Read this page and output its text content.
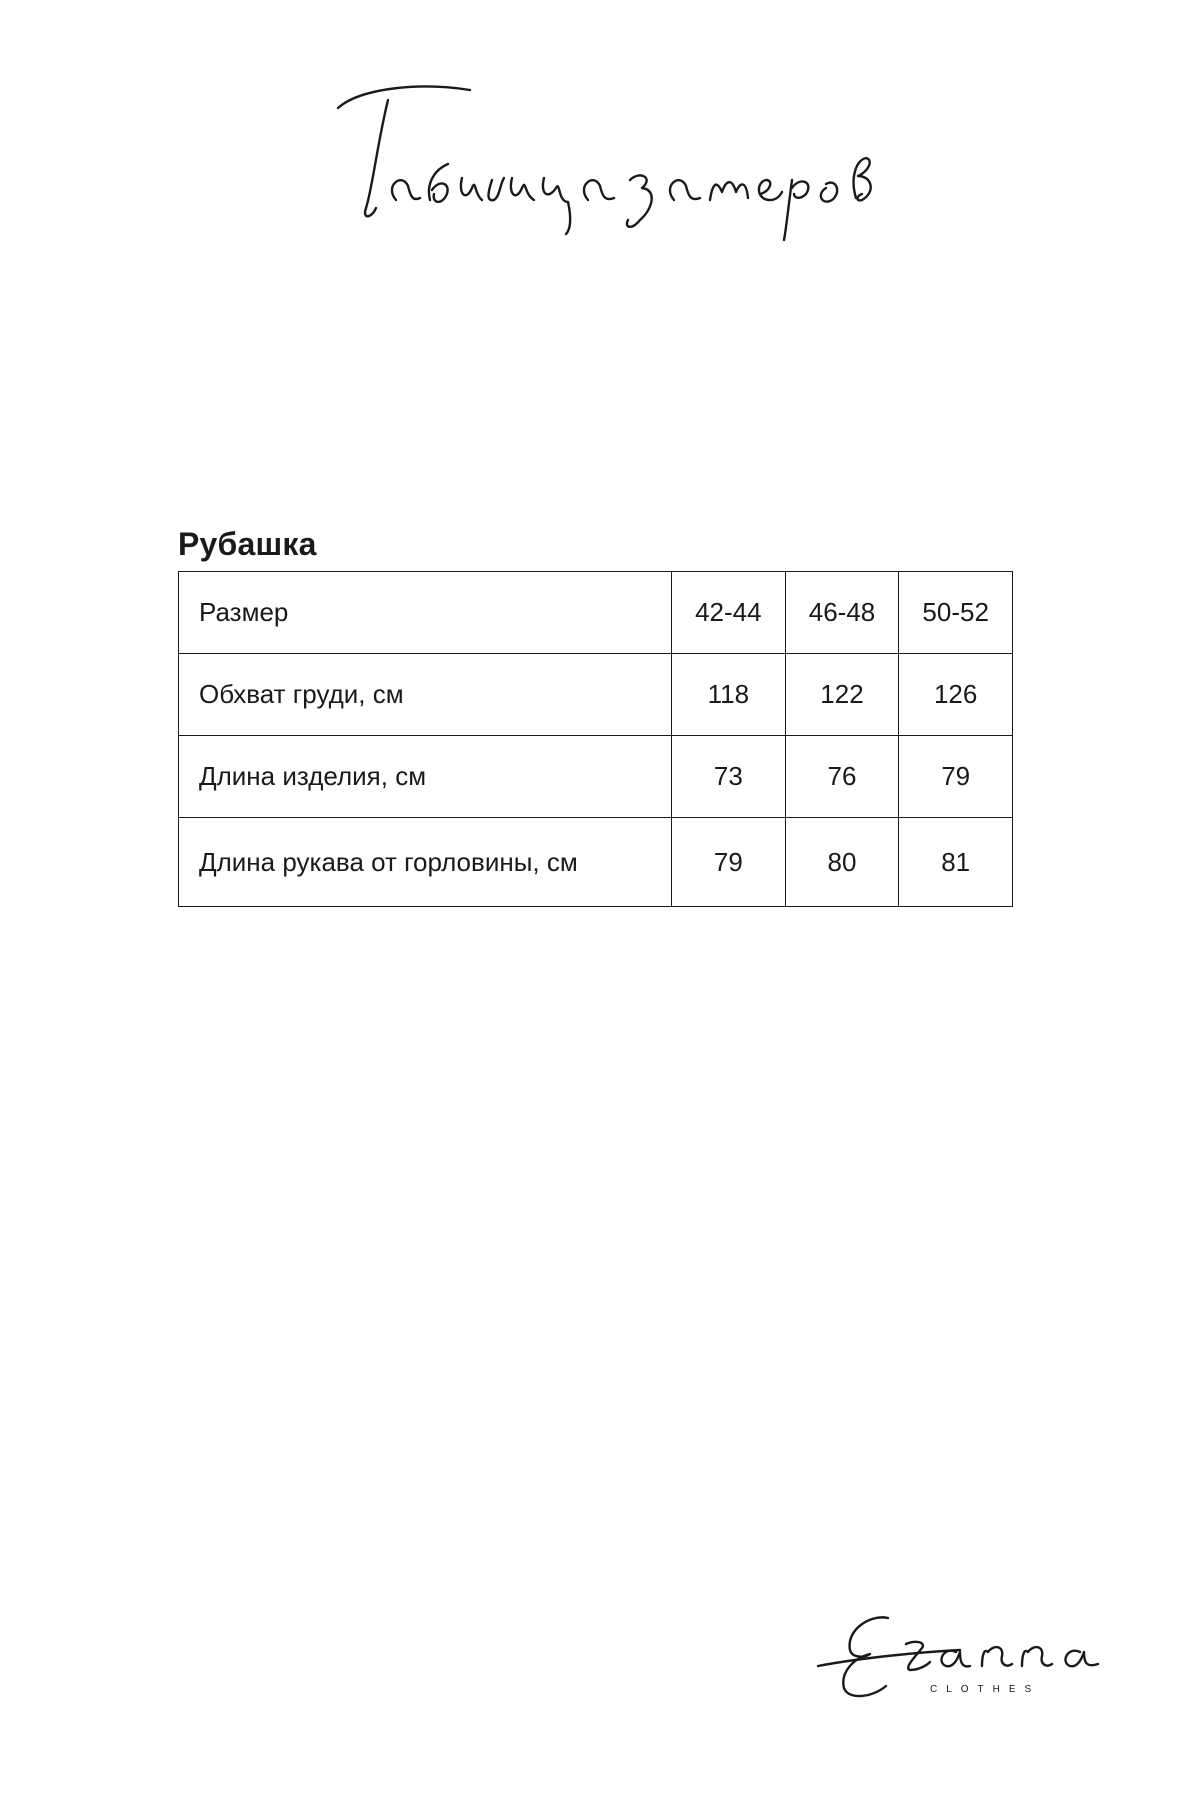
Рубашка
Размер	42-44	46-48	50-52
Обхват груди, см	118	122	126
Длина изделия, см	73	76	79
Длина рукава от горловины, см	79	80	81
CLOTHES
